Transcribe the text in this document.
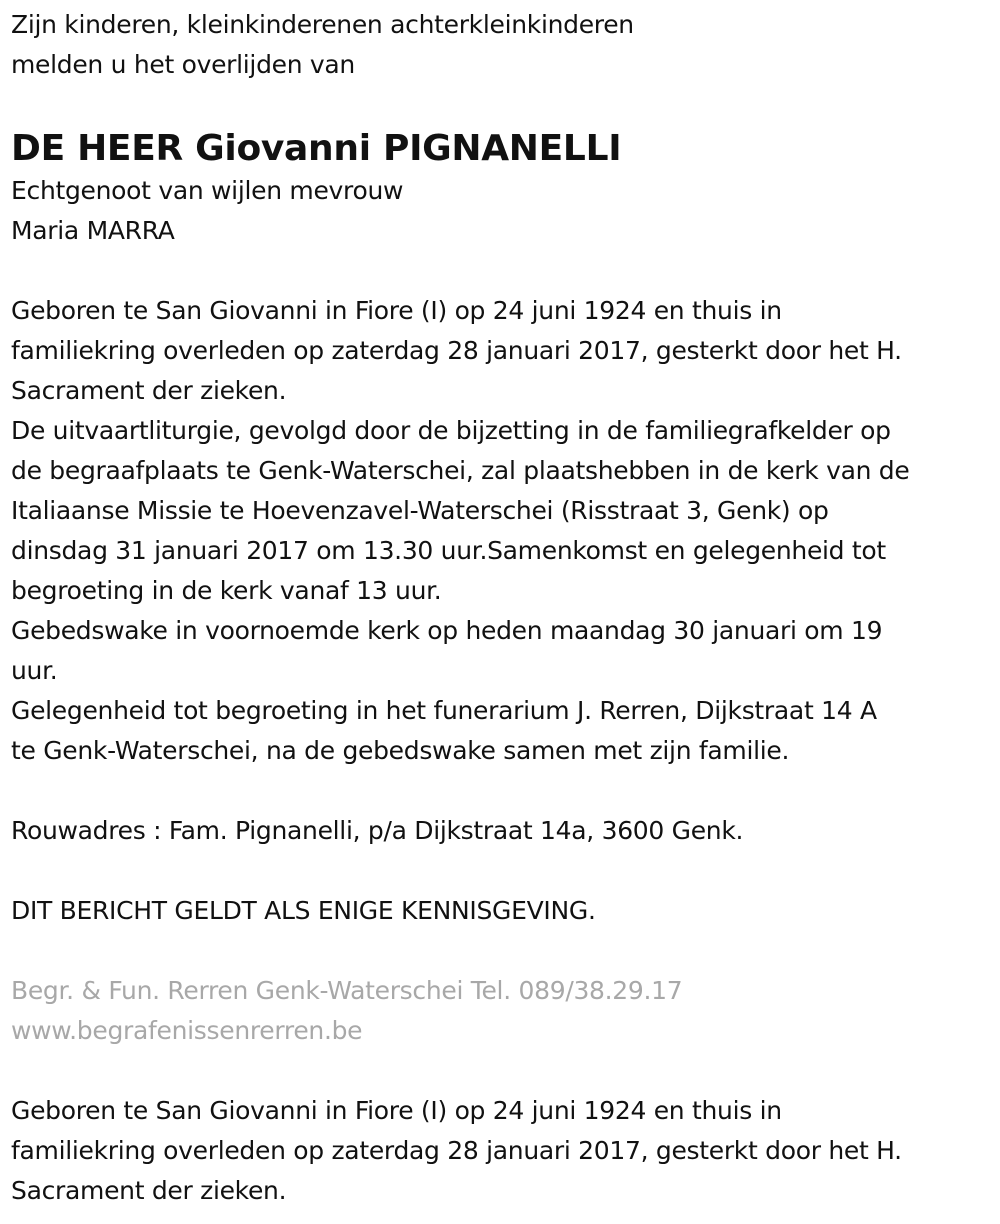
Zijn kinderen, kleinkinderenen achterkleinkinderen
melden u het overlijden van
DE HEER Giovanni PIGNANELLI
Echtgenoot van wijlen mevrouw
Maria MARRA
Geboren te San Giovanni in Fiore (I) op 24 juni 1924 en thuis in
familiekring overleden op zaterdag 28 januari 2017, gesterkt door het H.
Sacrament der zieken.
De uitvaartliturgie, gevolgd door de bijzetting in de familiegrafkelder op
de begraafplaats te Genk-Waterschei, zal plaatshebben in de kerk van de
Italiaanse Missie te Hoevenzavel-Waterschei (Risstraat 3, Genk) op
dinsdag 31 januari 2017 om 13.30 uur.Samenkomst en gelegenheid tot
begroeting in de kerk vanaf 13 uur.
Gebedswake in voornoemde kerk op heden maandag 30 januari om 19
uur.
Gelegenheid tot begroeting in het funerarium J. Rerren, Dijkstraat 14 A
te Genk-Waterschei, na de gebedswake samen met zijn familie.
Rouwadres : Fam. Pignanelli, p/a Dijkstraat 14a, 3600 Genk.
DIT BERICHT GELDT ALS ENIGE KENNISGEVING.
Begr. & Fun. Rerren Genk-Waterschei Tel. 089/38.29.17
www.begrafenissenrerren.be
Geboren te San Giovanni in Fiore (I) op 24 juni 1924 en thuis in
familiekring overleden op zaterdag 28 januari 2017, gesterkt door het H.
Sacrament der zieken.
